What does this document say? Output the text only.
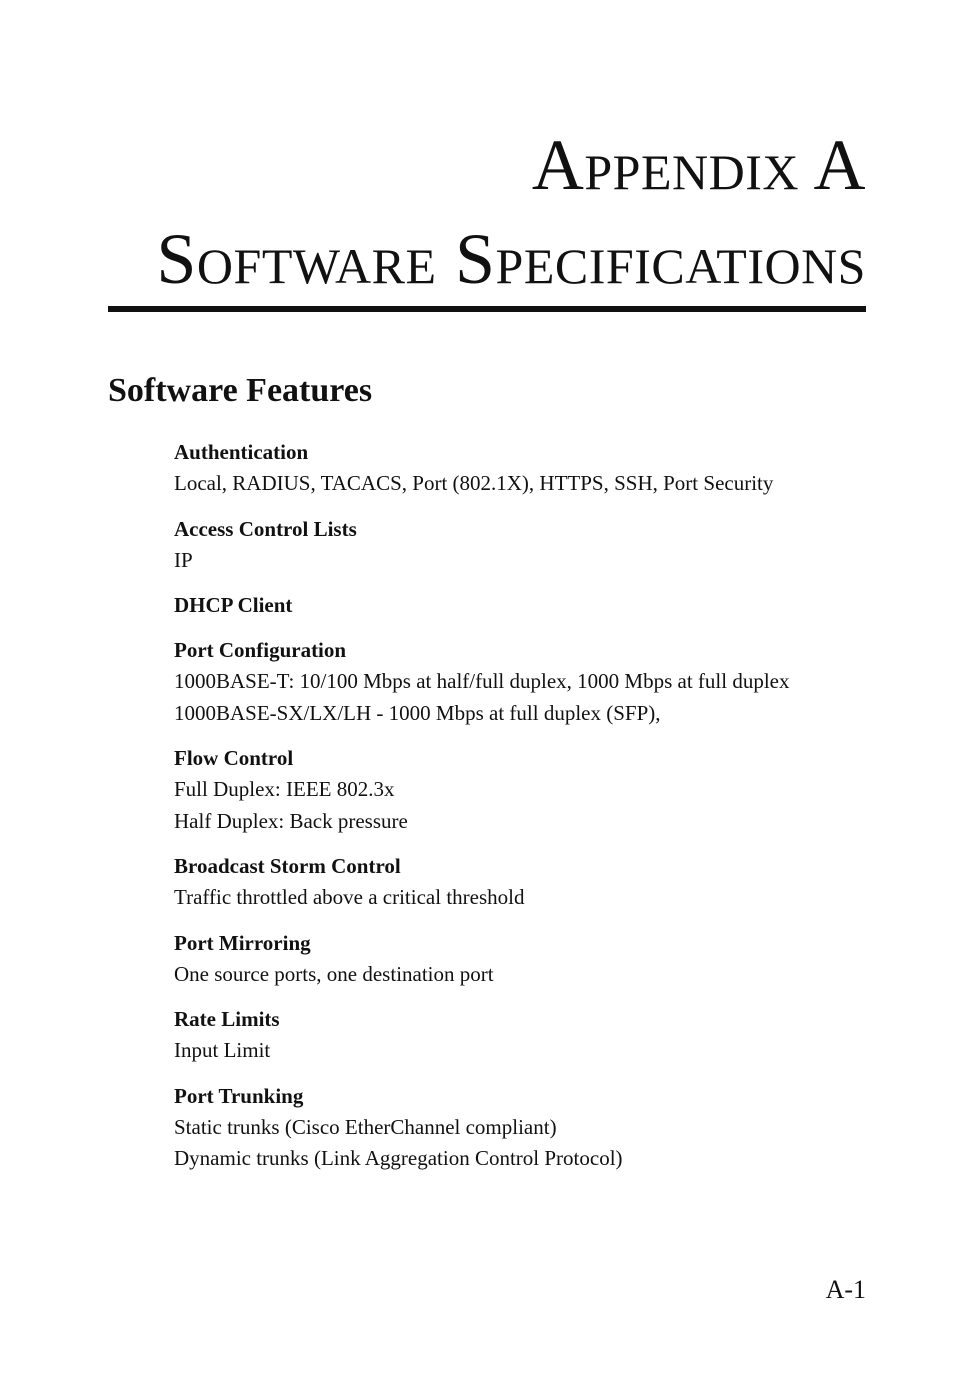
Appendix A
Software Specifications
Software Features
Authentication
Local, RADIUS, TACACS, Port (802.1X), HTTPS, SSH, Port Security
Access Control Lists
IP
DHCP Client
Port Configuration
1000BASE-T: 10/100 Mbps at half/full duplex, 1000 Mbps at full duplex
1000BASE-SX/LX/LH - 1000 Mbps at full duplex (SFP),
Flow Control
Full Duplex: IEEE 802.3x
Half Duplex: Back pressure
Broadcast Storm Control
Traffic throttled above a critical threshold
Port Mirroring
One source ports, one destination port
Rate Limits
Input Limit
Port Trunking
Static trunks (Cisco EtherChannel compliant)
Dynamic trunks (Link Aggregation Control Protocol)
A-1
